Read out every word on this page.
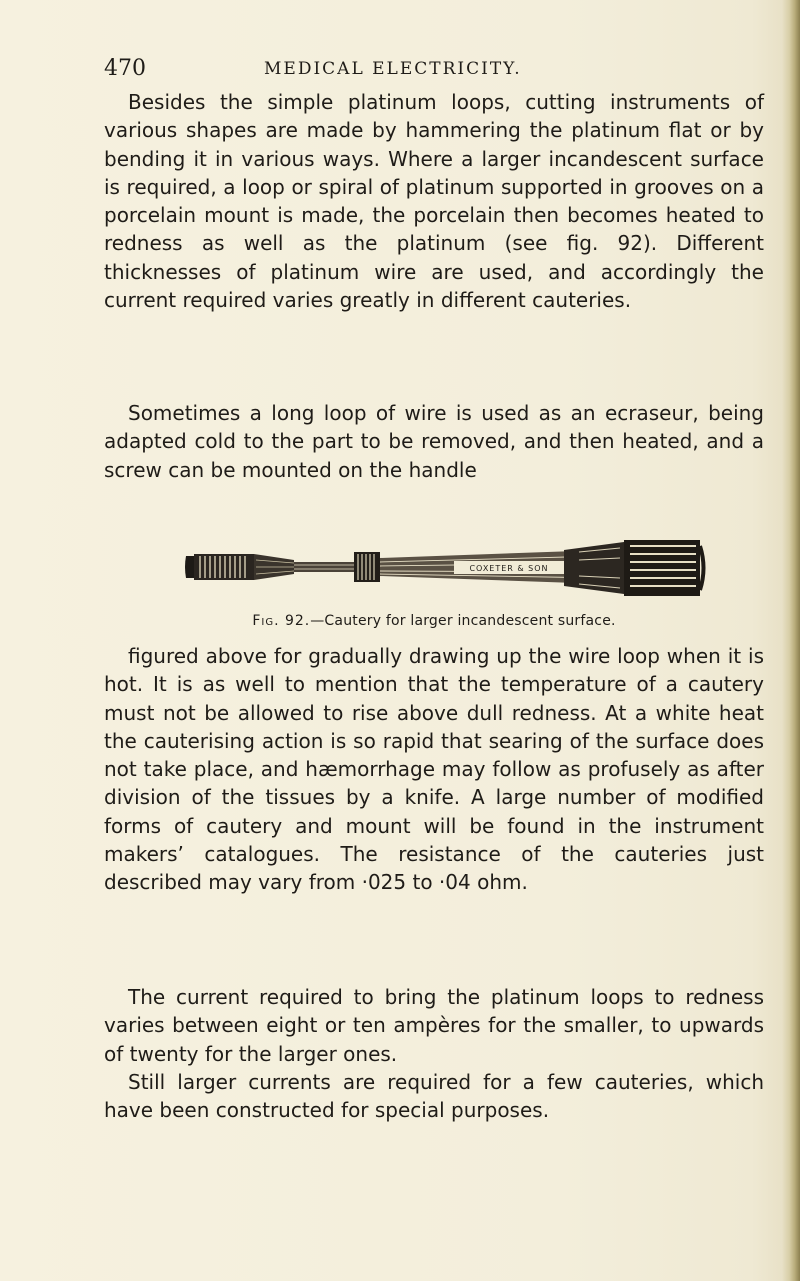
470	MEDICAL ELECTRICITY.

Besides the simple platinum loops, cutting instruments of various shapes are made by hammering the platinum flat or by bending it in various ways. Where a larger incandescent surface is required, a loop or spiral of platinum supported in grooves on a porcelain mount is made, the porcelain then becomes heated to redness as well as the platinum (see fig. 92). Different thicknesses of platinum wire are used, and accordingly the current required varies greatly in different cauteries.

Sometimes a long loop of wire is used as an ecraseur, being adapted cold to the part to be removed, and then heated, and a screw can be mounted on the handle

COXETER & SON
Fig. 92.—Cautery for larger incandescent surface.

figured above for gradually drawing up the wire loop when it is hot. It is as well to mention that the temperature of a cautery must not be allowed to rise above dull redness. At a white heat the cauterising action is so rapid that searing of the surface does not take place, and hæmorrhage may follow as profusely as after division of the tissues by a knife. A large number of modified forms of cautery and mount will be found in the instrument makers’ catalogues. The resistance of the cauteries just described may vary from ·025 to ·04 ohm.

The current required to bring the platinum loops to redness varies between eight or ten ampères for the smaller, to upwards of twenty for the larger ones.

Still larger currents are required for a few cauteries, which have been constructed for special purposes.
